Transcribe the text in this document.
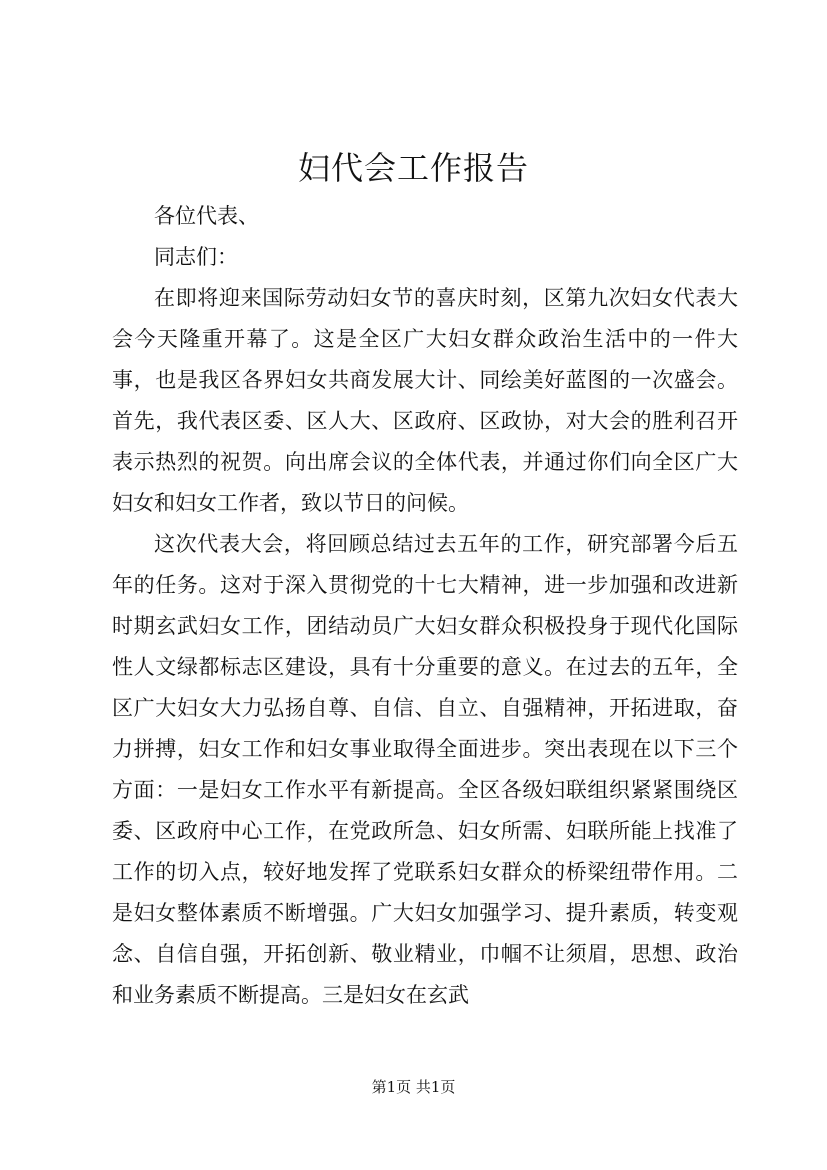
妇代会工作报告

各位代表、

同志们：

在即将迎来国际劳动妇女节的喜庆时刻，区第九次妇女代表大会今天隆重开幕了。这是全区广大妇女群众政治生活中的一件大事，也是我区各界妇女共商发展大计、同绘美好蓝图的一次盛会。首先，我代表区委、区人大、区政府、区政协，对大会的胜利召开表示热烈的祝贺。向出席会议的全体代表，并通过你们向全区广大妇女和妇女工作者，致以节日的问候。

这次代表大会，将回顾总结过去五年的工作，研究部署今后五年的任务。这对于深入贯彻党的十七大精神，进一步加强和改进新时期玄武妇女工作，团结动员广大妇女群众积极投身于现代化国际性人文绿都标志区建设，具有十分重要的意义。在过去的五年，全区广大妇女大力弘扬自尊、自信、自立、自强精神，开拓进取，奋力拼搏，妇女工作和妇女事业取得全面进步。突出表现在以下三个方面：一是妇女工作水平有新提高。全区各级妇联组织紧紧围绕区委、区政府中心工作，在党政所急、妇女所需、妇联所能上找准了工作的切入点，较好地发挥了党联系妇女群众的桥梁纽带作用。二是妇女整体素质不断增强。广大妇女加强学习、提升素质，转变观念、自信自强，开拓创新、敬业精业，巾帼不让须眉，思想、政治和业务素质不断提高。三是妇女在玄武

第1页 共1页
